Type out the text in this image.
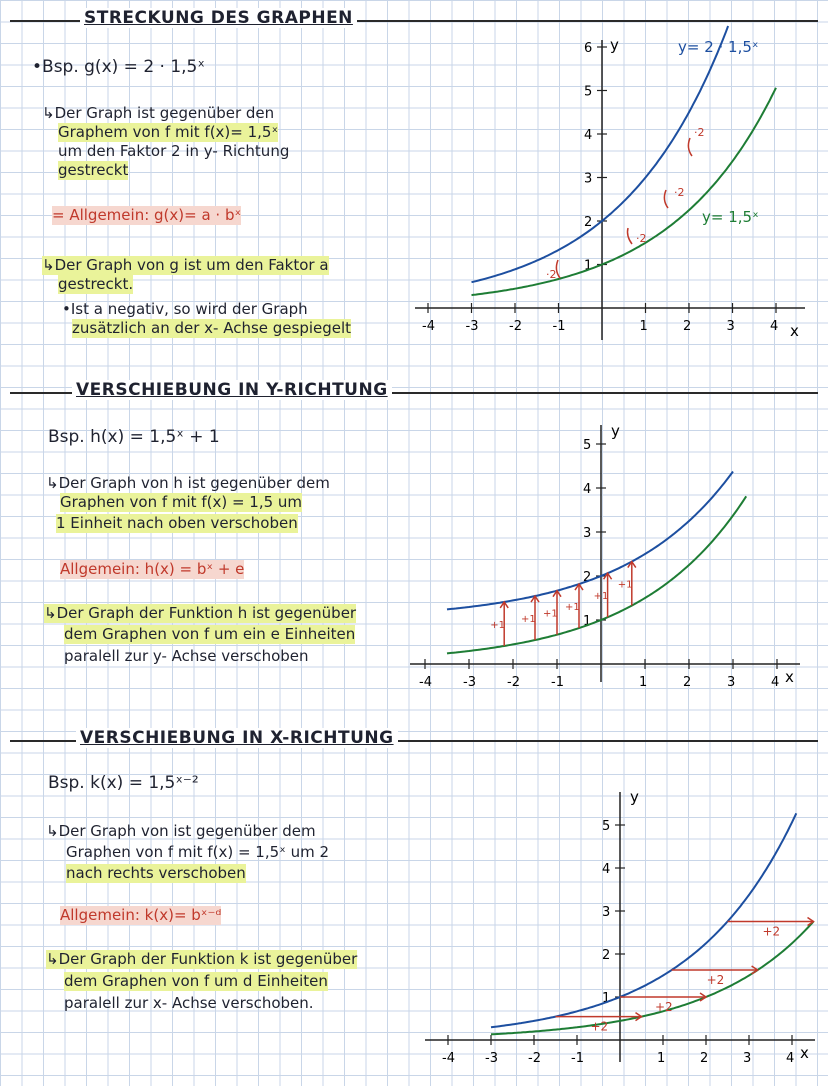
STRECKUNG DES GRAPHEN
•Bsp. g(x) = 2 · 1,5ˣ
↳Der Graph ist gegenüber den
Graphem von f mit f(x)= 1,5ˣ
um den Faktor 2 in y- Richtung
gestreckt
= Allgemein: g(x)= a · bˣ
↳Der Graph von g ist um den Faktor a
gestreckt.
•Ist a negativ, so wird der Graph
zusätzlich an der x- Achse gespiegelt	-4 -3 -2 -1	1	2	3	4
1
2
3
4
5
6	y= 2 · 1,5ˣ
y= 1,5ˣ
·2
·2
·2
·2
x
y
VERSCHIEBUNG IN Y-RICHTUNG
Bsp. h(x) = 1,5ˣ + 1
↳Der Graph von h ist gegenüber dem
Graphen von f mit f(x) = 1,5 um
1 Einheit nach oben verschoben
Allgemein: h(x) = bˣ + e
↳Der Graph der Funktion h ist gegenüber
dem Graphen von f um ein e Einheiten
paralell zur y- Achse verschoben
-4 -3 -2 -1	1	2	3	4
1
2
3
4
5
+1
+1 +1
+1
+1
+1
x
y
VERSCHIEBUNG IN X-RICHTUNG
Bsp. k(x) = 1,5ˣ⁻²
↳Der Graph von ist gegenüber dem
Graphen von f mit f(x) = 1,5ˣ um 2
nach rechts verschoben
Allgemein: k(x)= bˣ⁻ᵈ
↳Der Graph der Funktion k ist gegenüber
dem Graphen von f um d Einheiten
paralell zur x- Achse verschoben.
-4 -3 -2 -1	1	2	3	4
1
2
3
4
5
+2
+2
+2
+2
x
y
